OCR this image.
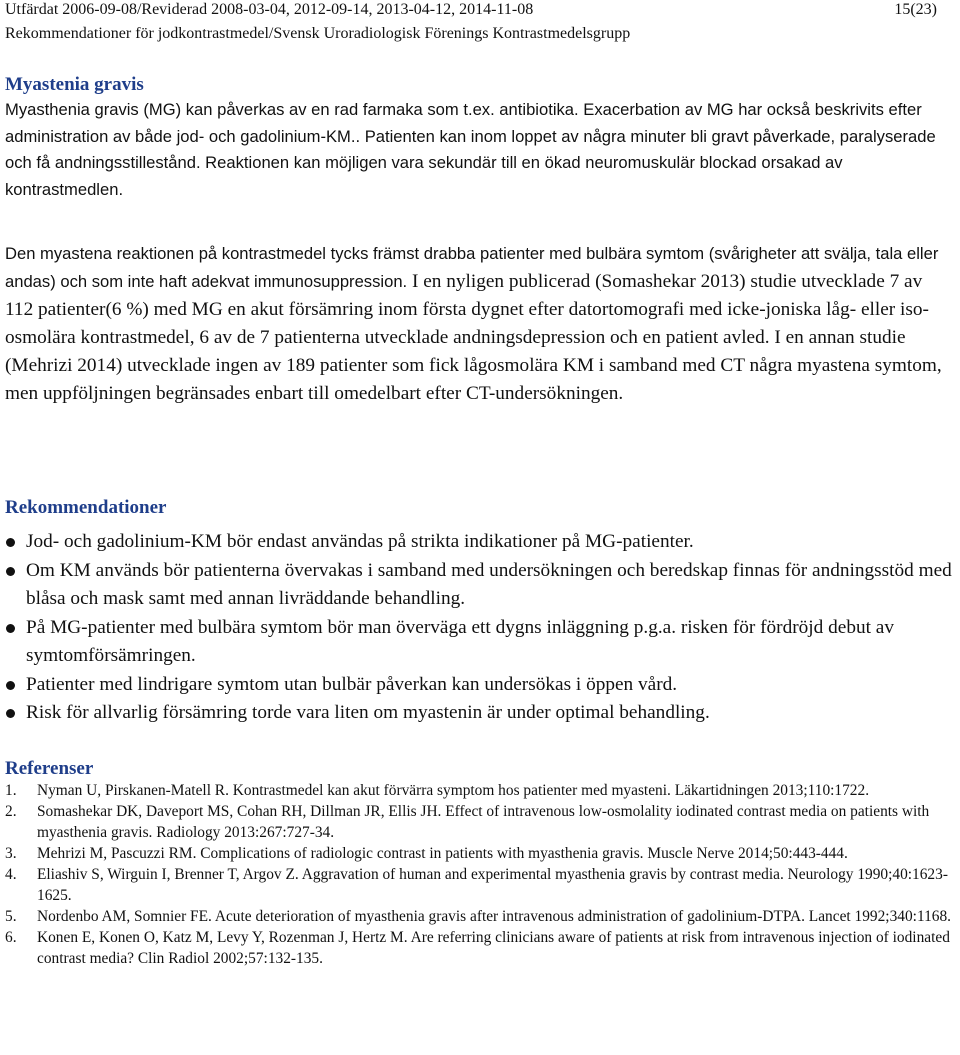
Utfärdat 2006-09-08/Reviderad 2008-03-04, 2012-09-14, 2013-04-12, 2014-11-08
Rekommendationer för jodkontrastmedel/Svensk Uroradiologisk Förenings Kontrastmedelsgrupp
15(23)
Myastenia gravis
Myasthenia gravis (MG) kan påverkas av en rad farmaka som t.ex. antibiotika. Exacerbation av MG har också beskrivits efter administration av både jod- och gadolinium-KM.. Patienten kan inom loppet av några minuter bli gravt påverkade, paralyserade och få andningsstillestånd. Reaktionen kan möjligen vara sekundär till en ökad neuromuskulär blockad orsakad av kontrastmedlen.
Den myastena reaktionen på kontrastmedel tycks främst drabba patienter med bulbära symtom (svårigheter att svälja, tala eller andas) och som inte haft adekvat immunosuppression. I en nyligen publicerad (Somashekar 2013) studie utvecklade 7 av 112 patienter(6 %) med MG en akut försämring inom första dygnet efter datortomografi med icke-joniska låg- eller iso-osmolära kontrastmedel, 6 av de 7 patienterna utvecklade andningsdepression och en patient avled. I en annan studie (Mehrizi 2014) utvecklade ingen av 189 patienter som fick lågosmolära KM i samband med CT några myastena symtom, men uppföljningen begränsades enbart till omedelbart efter CT-undersökningen.
Rekommendationer
Jod- och gadolinium-KM bör endast användas på strikta indikationer på MG-patienter.
Om KM används bör patienterna övervakas i samband med undersökningen och beredskap finnas för andningsstöd med blåsa och mask samt med annan livräddande behandling.
På MG-patienter med bulbära symtom bör man överväga ett dygns inläggning p.g.a. risken för fördröjd debut av symtomförsämringen.
Patienter med lindrigare symtom utan bulbär påverkan kan undersökas i öppen vård.
Risk för allvarlig försämring torde vara liten om myastenin är under optimal behandling.
Referenser
1. Nyman U, Pirskanen-Matell R. Kontrastmedel kan akut förvärra symptom hos patienter med myasteni. Läkartidningen 2013;110:1722.
2. Somashekar DK, Daveport MS, Cohan RH, Dillman JR, Ellis JH. Effect of intravenous low-osmolality iodinated contrast media on patients with myasthenia gravis. Radiology 2013:267:727-34.
3. Mehrizi M, Pascuzzi RM. Complications of radiologic contrast in patients with myasthenia gravis. Muscle Nerve 2014;50:443-444.
4. Eliashiv S, Wirguin I, Brenner T, Argov Z. Aggravation of human and experimental myasthenia gravis by contrast media. Neurology 1990;40:1623-1625.
5. Nordenbo AM, Somnier FE. Acute deterioration of myasthenia gravis after intravenous administration of gadolinium-DTPA. Lancet 1992;340:1168.
6. Konen E, Konen O, Katz M, Levy Y, Rozenman J, Hertz M. Are referring clinicians aware of patients at risk from intravenous injection of iodinated contrast media? Clin Radiol 2002;57:132-135.
